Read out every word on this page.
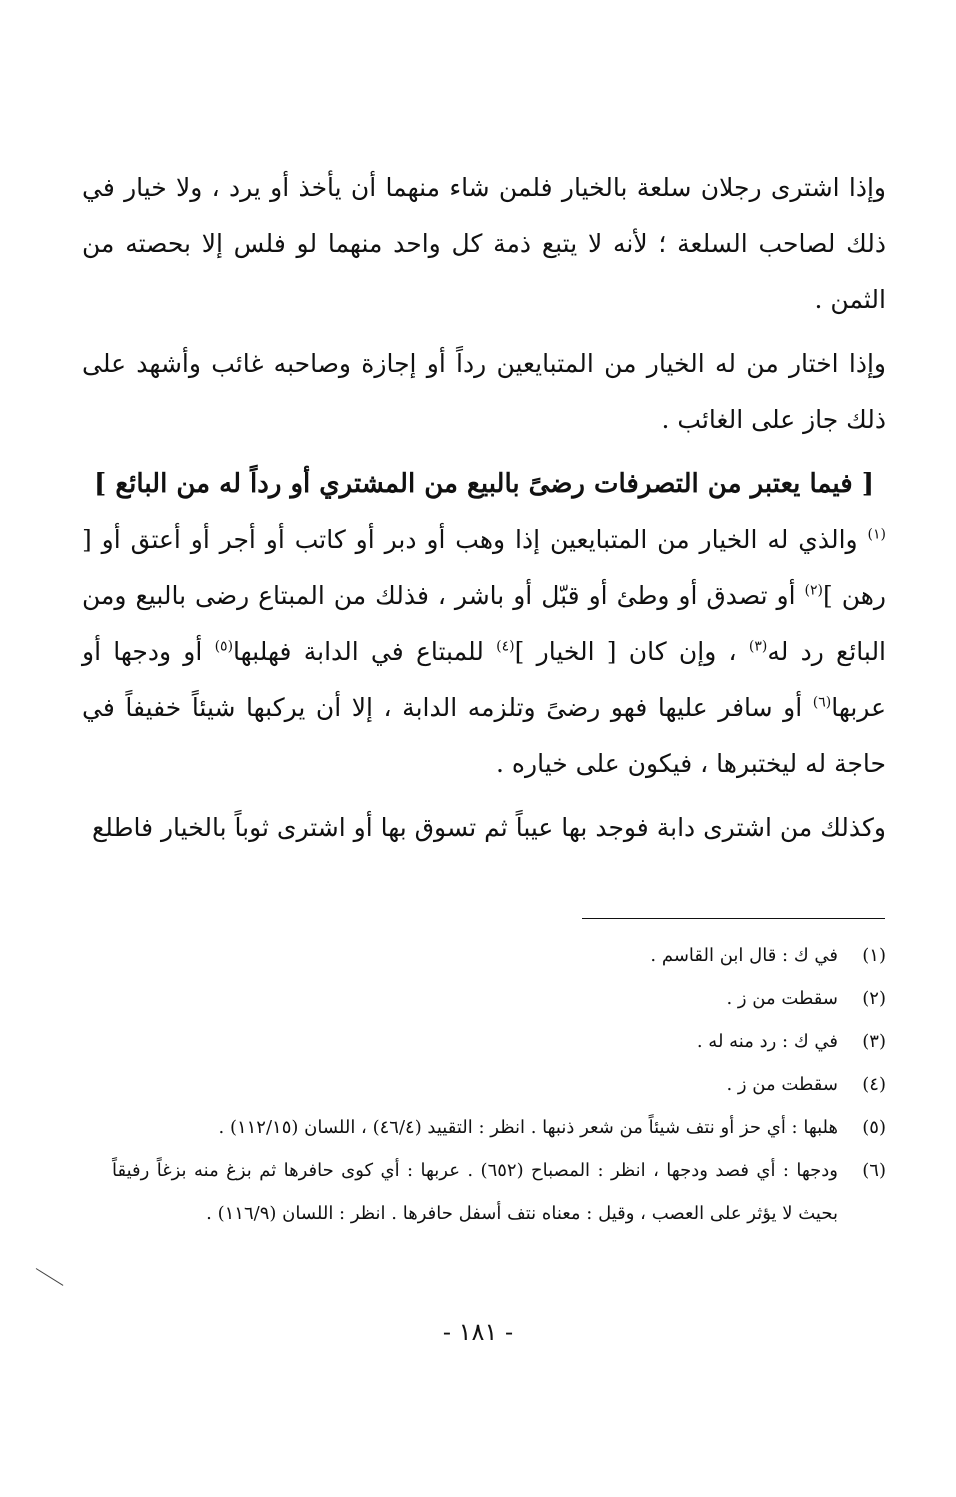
وإذا اشترى رجلان سلعة بالخيار فلمن شاء منهما أن يأخذ أو يرد ، ولا خيار في ذلك لصاحب السلعة ؛ لأنه لا يتبع ذمة كل واحد منهما لو فلس إلا بحصته من الثمن .

وإذا اختار من له الخيار من المتبايعين رداً أو إجازة وصاحبه غائب وأشهد على ذلك جاز على الغائب .

[ فيما يعتبر من التصرفات رضىً بالبيع من المشتري أو رداً له من البائع ]

$^{(١)}$ والذي له الخيار من المتبايعين إذا وهب أو دبر أو كاتب أو أجر أو أعتق أو [ رهن ]$^{(٢)}$ أو تصدق أو وطئ أو قبّل أو باشر ، فذلك من المبتاع رضى بالبيع ومن البائع رد له$^{(٣)}$ ، وإن كان [ الخيار ]$^{(٤)}$ للمبتاع في الدابة فهلبها$^{(٥)}$ أو ودجها أو عربها$^{(٦)}$ أو سافر عليها فهو رضىً وتلزمه الدابة ، إلا أن يركبها شيئاً خفيفاً في حاجة له ليختبرها ، فيكون على خياره .

وكذلك من اشترى دابة فوجد بها عيباً ثم تسوق بها أو اشترى ثوباً بالخيار فاطلع

(١)
في ك : قال ابن القاسم .
(٢)
سقطت من ز .
(٣)
في ك : رد منه له .
(٤)
سقطت من ز .
(٥)
هلبها : أي حز أو نتف شيئاً من شعر ذنبها . انظر : التقييد (٤٦/٤) ، اللسان (١١٢/١٥) .
(٦)
ودجها : أي فصد ودجها ، انظر : المصباح (٦٥٢) . عربها : أي كوى حافرها ثم بزغ منه بزغاً رفيقاً بحيث لا يؤثر على العصب ، وقيل : معناه نتف أسفل حافرها . انظر : اللسان (١١٦/٩) .
- ١٨١ -
